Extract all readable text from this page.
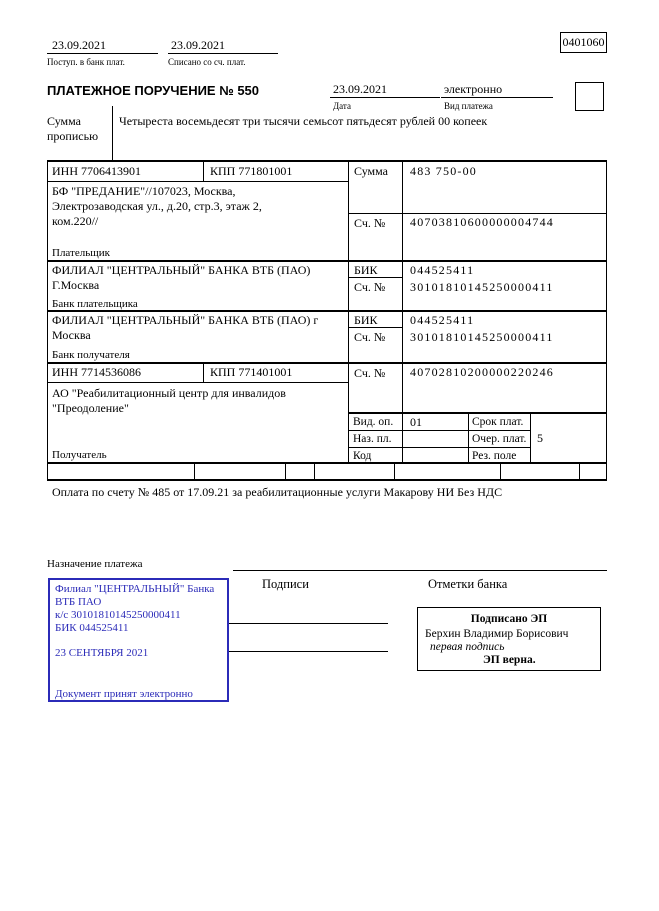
23.09.2021
Поступ. в банк плат.
23.09.2021
Списано со сч. плат.
0401060
ПЛАТЕЖНОЕ ПОРУЧЕНИЕ № 550	23.09.2021
Дата
электронно
Вид платежа
Сумма прописью
Четыреста восемьдесят три тысячи семьсот пятьдесят рублей 00 копеек
ИНН 7706413901	КПП 771801001	Сумма 483 750-00
БФ "ПРЕДАНИЕ"//107023, Москва, Электрозаводская ул., д.20, стр.3, этаж 2, ком.220//
Плательщик
Сч. № 40703810600000004744
ФИЛИАЛ "ЦЕНТРАЛЬНЫЙ" БАНКА ВТБ (ПАО) Г.Москва
Банк плательщика
БИК	044525411
Сч. № 30101810145250000411
ФИЛИАЛ "ЦЕНТРАЛЬНЫЙ" БАНКА ВТБ (ПАО) г Москва
Банк получателя
БИК	044525411
Сч. № 30101810145250000411
ИНН 7714536086	КПП 771401001	Сч. № 40702810200000220246
АО "Реабилитационный центр для инвалидов "Преодоление"
Получатель
Вид. оп. 01	Срок плат.
Наз. пл.	Очер. плат. 5
Код	Рез. поле
Оплата по счету № 485 от 17.09.21 за реабилитационные услуги Макарову НИ Без НДС
Назначение платежа
Подписи	Отметки банка
Подписано ЭП
Берхин Владимир Борисович
первая подпись
ЭП верна.
Филиал "ЦЕНТРАЛЬНЫЙ" Банка
ВТБ ПАО
к/с 30101810145250000411
БИК 044525411
23 СЕНТЯБРЯ 2021
Документ принят электронно
